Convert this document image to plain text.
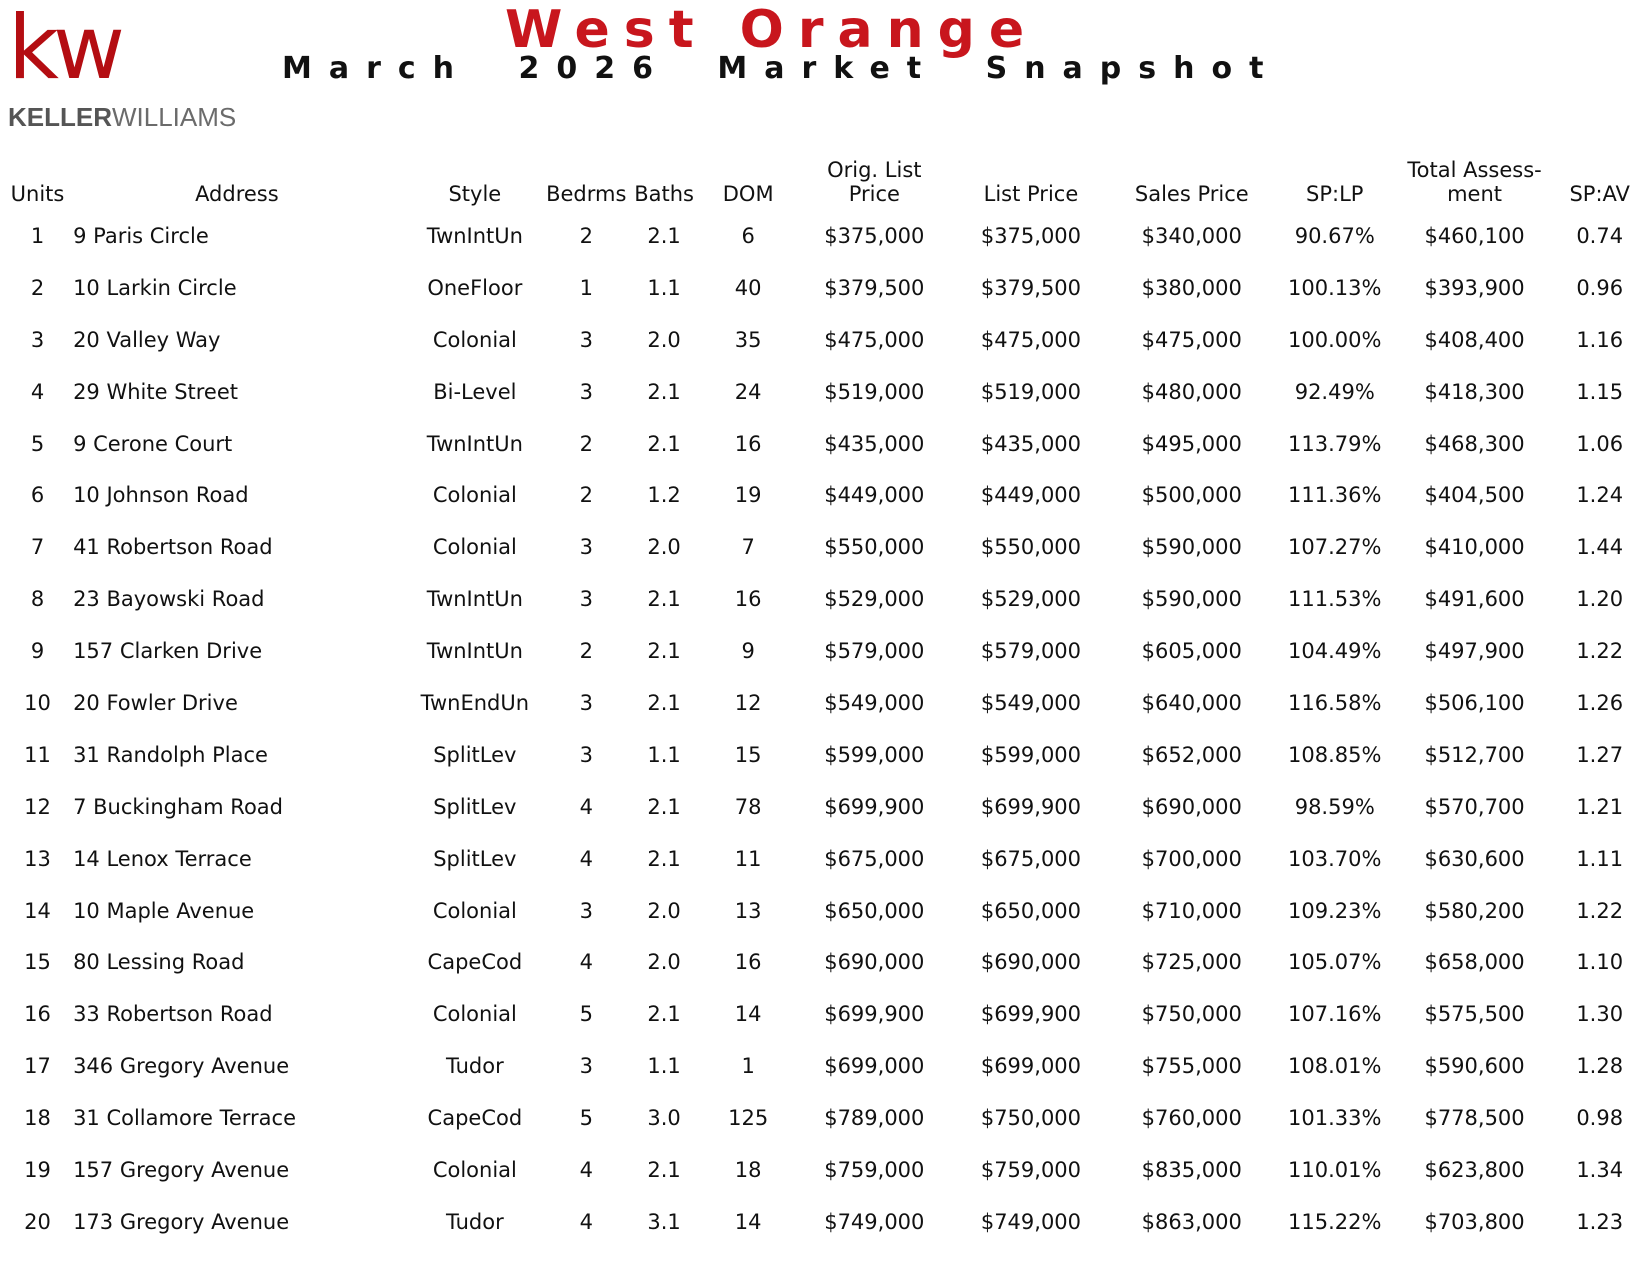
kw
KELLERWILLIAMS
West Orange
March 2026 Market Snapshot
Units	Address	Style	Bedrms	Baths	DOM	Orig. List
Price	List Price	Sales Price	SP:LP	Total Assess-
ment	SP:AV
1	9 Paris Circle	TwnIntUn	2	2.1	6	$375,000	$375,000	$340,000	90.67%	$460,100	0.74
2	10 Larkin Circle	OneFloor	1	1.1	40	$379,500	$379,500	$380,000	100.13%	$393,900	0.96
3	20 Valley Way	Colonial	3	2.0	35	$475,000	$475,000	$475,000	100.00%	$408,400	1.16
4	29 White Street	Bi-Level	3	2.1	24	$519,000	$519,000	$480,000	92.49%	$418,300	1.15
5	9 Cerone Court	TwnIntUn	2	2.1	16	$435,000	$435,000	$495,000	113.79%	$468,300	1.06
6	10 Johnson Road	Colonial	2	1.2	19	$449,000	$449,000	$500,000	111.36%	$404,500	1.24
7	41 Robertson Road	Colonial	3	2.0	7	$550,000	$550,000	$590,000	107.27%	$410,000	1.44
8	23 Bayowski Road	TwnIntUn	3	2.1	16	$529,000	$529,000	$590,000	111.53%	$491,600	1.20
9	157 Clarken Drive	TwnIntUn	2	2.1	9	$579,000	$579,000	$605,000	104.49%	$497,900	1.22
10	20 Fowler Drive	TwnEndUn	3	2.1	12	$549,000	$549,000	$640,000	116.58%	$506,100	1.26
11	31 Randolph Place	SplitLev	3	1.1	15	$599,000	$599,000	$652,000	108.85%	$512,700	1.27
12	7 Buckingham Road	SplitLev	4	2.1	78	$699,900	$699,900	$690,000	98.59%	$570,700	1.21
13	14 Lenox Terrace	SplitLev	4	2.1	11	$675,000	$675,000	$700,000	103.70%	$630,600	1.11
14	10 Maple Avenue	Colonial	3	2.0	13	$650,000	$650,000	$710,000	109.23%	$580,200	1.22
15	80 Lessing Road	CapeCod	4	2.0	16	$690,000	$690,000	$725,000	105.07%	$658,000	1.10
16	33 Robertson Road	Colonial	5	2.1	14	$699,900	$699,900	$750,000	107.16%	$575,500	1.30
17	346 Gregory Avenue	Tudor	3	1.1	1	$699,000	$699,000	$755,000	108.01%	$590,600	1.28
18	31 Collamore Terrace	CapeCod	5	3.0	125	$789,000	$750,000	$760,000	101.33%	$778,500	0.98
19	157 Gregory Avenue	Colonial	4	2.1	18	$759,000	$759,000	$835,000	110.01%	$623,800	1.34
20	173 Gregory Avenue	Tudor	4	3.1	14	$749,000	$749,000	$863,000	115.22%	$703,800	1.23
